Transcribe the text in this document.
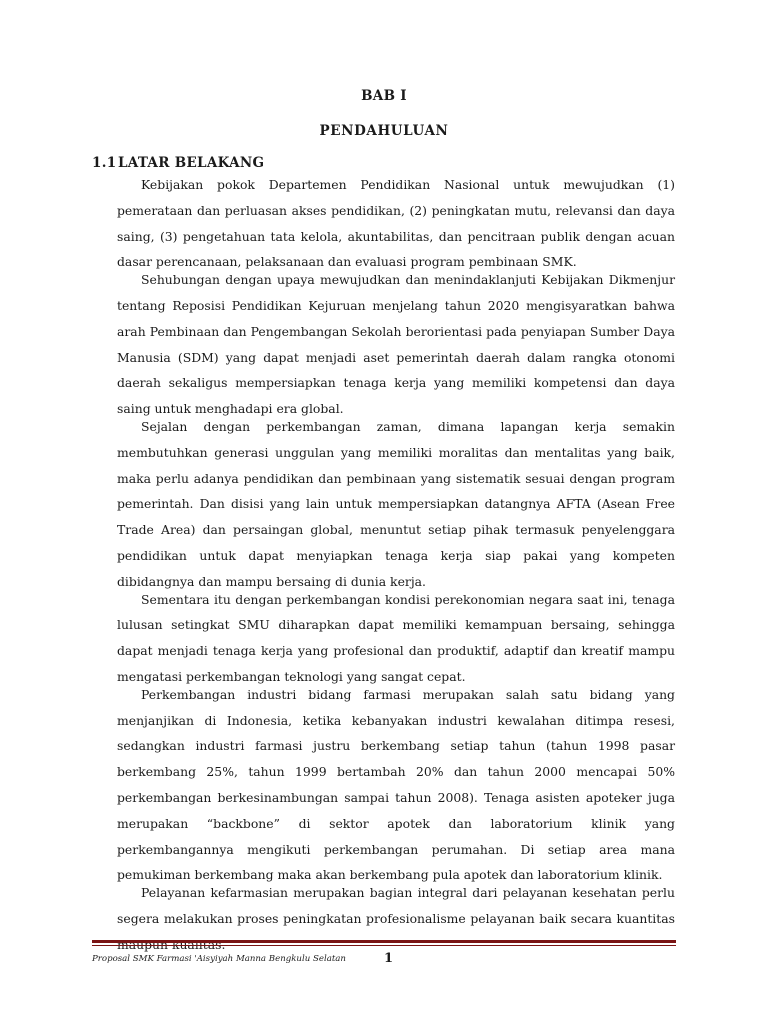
BAB I
PENDAHULUAN
1.1 LATAR BELAKANG

Kebijakan pokok Departemen Pendidikan Nasional untuk mewujudkan (1) pemerataan dan perluasan akses pendidikan, (2) peningkatan mutu, relevansi dan daya saing, (3) pengetahuan tata kelola, akuntabilitas, dan pencitraan publik dengan acuan dasar perencanaan, pelaksanaan dan evaluasi program pembinaan SMK.

Sehubungan dengan upaya mewujudkan dan menindaklanjuti Kebijakan Dikmenjur tentang Reposisi Pendidikan Kejuruan menjelang tahun 2020 mengisyaratkan bahwa arah Pembinaan dan Pengembangan Sekolah berorientasi pada penyiapan Sumber Daya Manusia (SDM) yang dapat menjadi aset pemerintah daerah dalam rangka otonomi daerah sekaligus mempersiapkan tenaga kerja yang memiliki kompetensi dan daya saing untuk menghadapi era global.

Sejalan dengan perkembangan zaman, dimana lapangan kerja semakin membutuhkan generasi unggulan yang memiliki moralitas dan mentalitas yang baik, maka perlu adanya pendidikan dan pembinaan yang sistematik sesuai dengan program pemerintah. Dan disisi yang lain untuk mempersiapkan datangnya AFTA (Asean Free Trade Area) dan persaingan global, menuntut setiap pihak termasuk penyelenggara pendidikan untuk dapat menyiapkan tenaga kerja siap pakai yang kompeten dibidangnya dan mampu bersaing di dunia kerja.

Sementara itu dengan perkembangan kondisi perekonomian negara saat ini, tenaga lulusan setingkat SMU diharapkan dapat memiliki kemampuan bersaing, sehingga dapat menjadi tenaga kerja yang profesional dan produktif, adaptif dan kreatif mampu mengatasi perkembangan teknologi yang sangat cepat.

Perkembangan industri bidang farmasi merupakan salah satu bidang yang menjanjikan di Indonesia, ketika kebanyakan industri kewalahan ditimpa resesi, sedangkan industri farmasi justru berkembang setiap tahun (tahun 1998 pasar berkembang 25%, tahun 1999 bertambah 20% dan tahun 2000 mencapai 50% perkembangan berkesinambungan sampai tahun 2008). Tenaga asisten apoteker juga merupakan “backbone” di sektor apotek dan laboratorium klinik yang perkembangannya mengikuti perkembangan perumahan. Di setiap area mana pemukiman berkembang maka akan berkembang pula apotek dan laboratorium klinik.

Pelayanan kefarmasian merupakan bagian integral dari pelayanan kesehatan perlu segera melakukan proses peningkatan profesionalisme pelayanan baik secara kuantitas

Proposal SMK Farmasi 'Aisyiyah Manna Bengkulu Selatan	1
